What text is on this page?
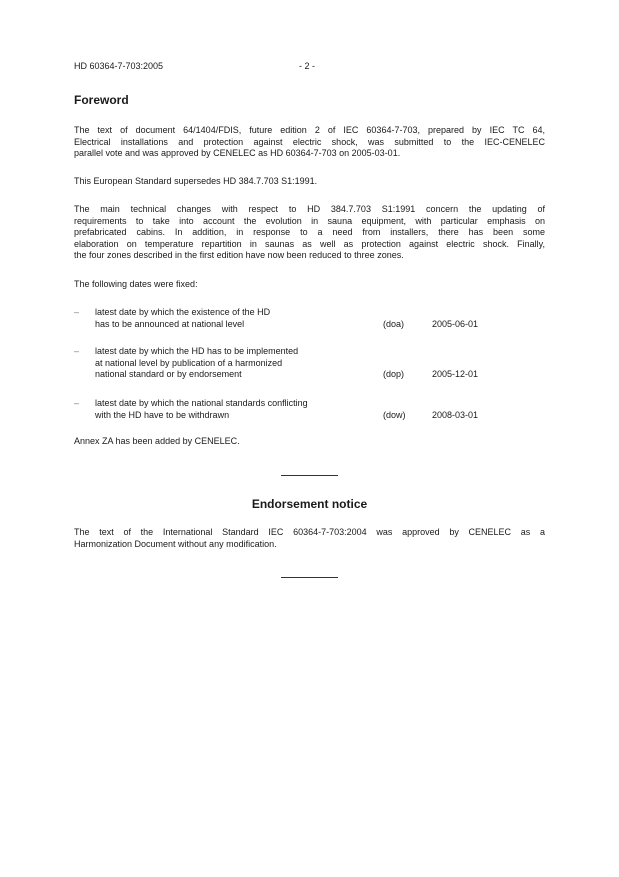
HD 60364-7-703:2005	- 2 -
Foreword
The text of document 64/1404/FDIS, future edition 2 of IEC 60364-7-703, prepared by IEC TC 64,
Electrical installations and protection against electric shock, was submitted to the IEC-CENELEC
parallel vote and was approved by CENELEC as HD 60364-7-703 on 2005-03-01.
This European Standard supersedes HD 384.7.703 S1:1991.
The main technical changes with respect to HD 384.7.703 S1:1991 concern the updating of
requirements to take into account the evolution in sauna equipment, with particular emphasis on
prefabricated cabins. In addition, in response to a need from installers, there has been some
elaboration on temperature repartition in saunas as well as protection against electric shock. Finally,
the four zones described in the first edition have now been reduced to three zones.
The following dates were fixed:
– latest date by which the existence of the HD
has to be announced at national level	(doa)	2005-06-01
– latest date by which the HD has to be implemented
at national level by publication of a harmonized
national standard or by endorsement	(dop)	2005-12-01
– latest date by which the national standards conflicting
with the HD have to be withdrawn	(dow)	2008-03-01
Annex ZA has been added by CENELEC.
Endorsement notice
The text of the International Standard IEC 60364-7-703:2004 was approved by CENELEC as a
Harmonization Document without any modification.
